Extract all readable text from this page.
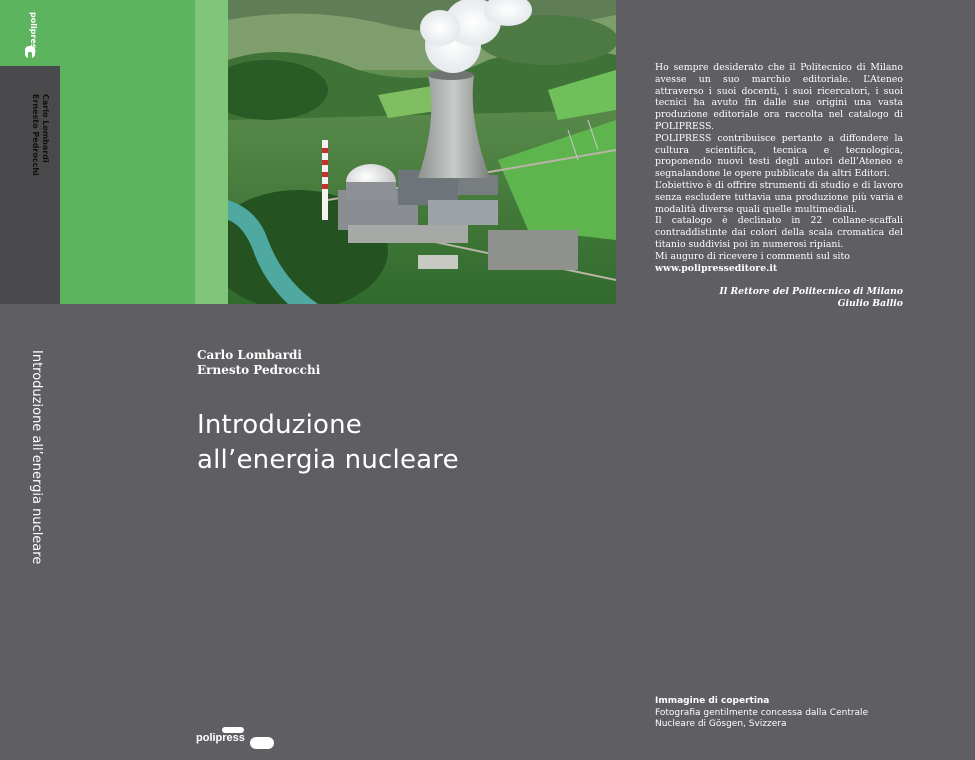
polipress
Carlo Lombardi
Ernesto Pedrocchi
Introduzione all’energia nucleare	Carlo Lombardi
Ernesto Pedrocchi
Introduzione
all’energia nucleare
polipress

Ho sempre desiderato che il Politecnico di Milano avesse un suo marchio editoriale. L’Ateneo attraverso i suoi docenti, i suoi ricercatori, i suoi tecnici ha avuto fin dalle sue origini una vasta produzione editoriale ora raccolta nel catalogo di POLIPRESS.

POLIPRESS contribuisce pertanto a diffondere la cultura scientifica, tecnica e tecnologica, proponendo nuovi testi degli autori dell’Ateneo e segnalandone le opere pubblicate da altri Editori.

L’obiettivo è di offrire strumenti di studio e di lavoro senza escludere tuttavia una produzione più varia e modalità diverse quali quelle multimediali.

Il catalogo è declinato in 22 collane-scaffali contraddistinte dai colori della scala cromatica del titanio suddivisi poi in numerosi ripiani.

Mi auguro di ricevere i commenti sul sito

www.polipresseditore.it

Il Rettore del Politecnico di Milano
Giulio Ballio
Immagine di copertina
Fotografia gentilmente concessa dalla Centrale Nucleare di Gösgen, Svizzera
